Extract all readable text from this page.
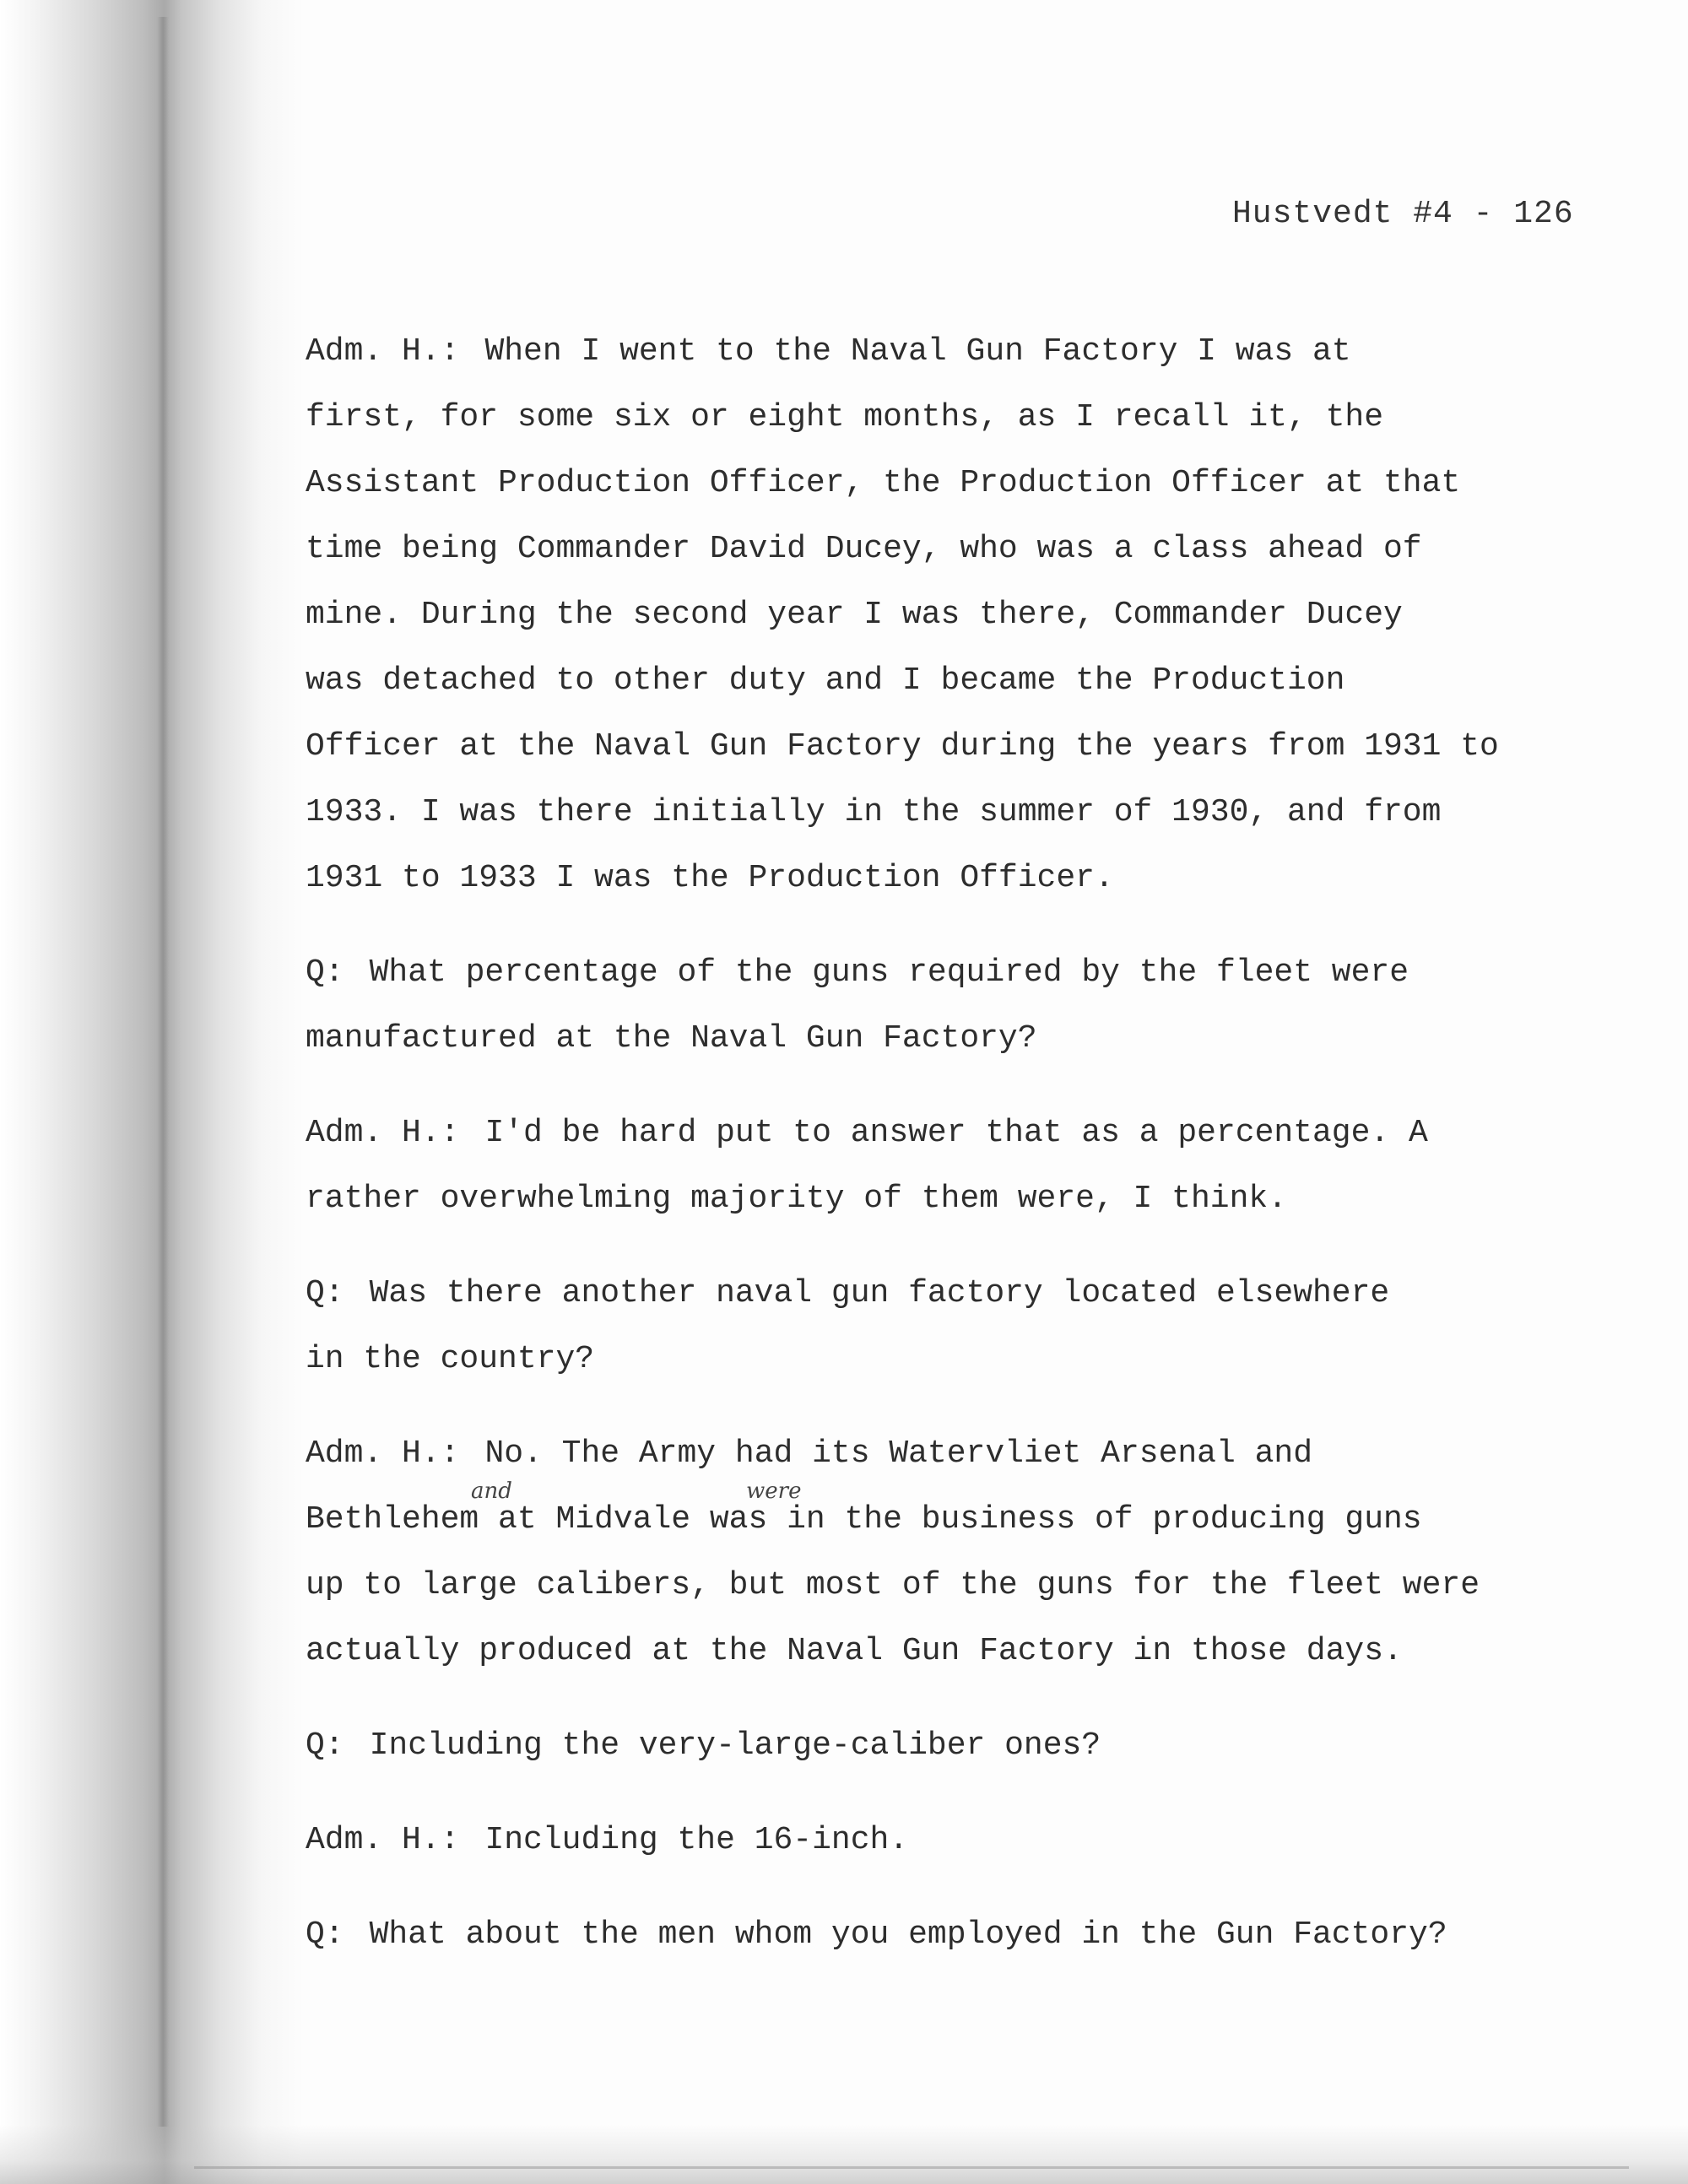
Hustvedt #4 - 126

Adm. H.: When I went to the Naval Gun Factory I was at
first, for some six or eight months, as I recall it, the
Assistant Production Officer, the Production Officer at that
time being Commander David Ducey, who was a class ahead of
mine. During the second year I was there, Commander Ducey
was detached to other duty and I became the Production
Officer at the Naval Gun Factory during the years from 1931 to
1933. I was there initially in the summer of 1930, and from
1931 to 1933 I was the Production Officer.

Q: What percentage of the guns required by the fleet were
manufactured at the Naval Gun Factory?

Adm. H.: I'd be hard put to answer that as a percentage. A
rather overwhelming majority of them were, I think.

Q: Was there another naval gun factory located elsewhere
in the country?

Adm. H.: No. The Army had its Watervliet Arsenal and
Bethlehem at Midvale was in the business of producing guns
up to large calibers, but most of the guns for the fleet were
actually produced at the Naval Gun Factory in those days.
and	were

Q: Including the very-large-caliber ones?

Adm. H.: Including the 16-inch.

Q: What about the men whom you employed in the Gun Factory?
